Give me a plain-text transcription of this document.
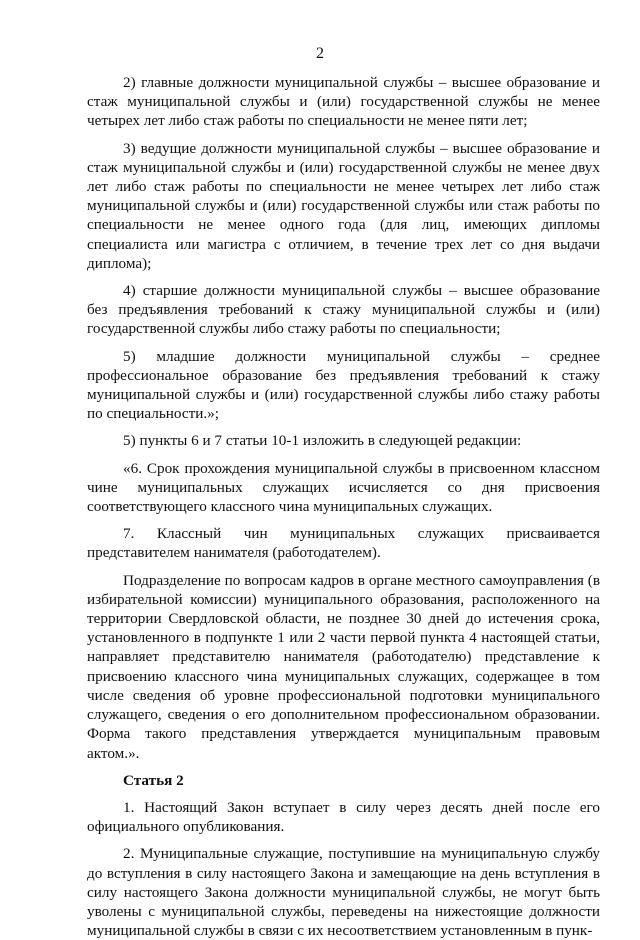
2

2) главные должности муниципальной службы – высшее образование и стаж муниципальной службы и (или) государственной службы не менее четырех лет либо стаж работы по специальности не менее пяти лет;

3) ведущие должности муниципальной службы – высшее образование и стаж муниципальной службы и (или) государственной службы не менее двух лет либо стаж работы по специальности не менее четырех лет либо стаж муниципальной службы и (или) государственной службы или стаж работы по специальности не менее одного года (для лиц, имеющих дипломы специалиста или магистра с отличием, в течение трех лет со дня выдачи диплома);

4) старшие должности муниципальной службы – высшее образование без предъявления требований к стажу муниципальной службы и (или) государственной службы либо стажу работы по специальности;

5) младшие должности муниципальной службы – среднее профессиональное образование без предъявления требований к стажу муниципальной службы и (или) государственной службы либо стажу работы по специальности.»;

5) пункты 6 и 7 статьи 10-1 изложить в следующей редакции:

«6. Срок прохождения муниципальной службы в присвоенном классном чине муниципальных служащих исчисляется со дня присвоения соответствующего классного чина муниципальных служащих.

7. Классный чин муниципальных служащих присваивается представителем нанимателя (работодателем).

Подразделение по вопросам кадров в органе местного самоуправления (в избирательной комиссии) муниципального образования, расположенного на территории Свердловской области, не позднее 30 дней до истечения срока, установленного в подпункте 1 или 2 части первой пункта 4 настоящей статьи, направляет представителю нанимателя (работодателю) представление к присвоению классного чина муниципальных служащих, содержащее в том числе сведения об уровне профессиональной подготовки муниципального служащего, сведения о его дополнительном профессиональном образовании. Форма такого представления утверждается муниципальным правовым актом.».

Статья 2

1. Настоящий Закон вступает в силу через десять дней после его официального опубликования.

2. Муниципальные служащие, поступившие на муниципальную службу до вступления в силу настоящего Закона и замещающие на день вступления в силу настоящего Закона должности муниципальной службы, не могут быть уволены с муниципальной службы, переведены на нижестоящие должности муниципальной службы в связи с их несоответствием установленным в пунк-
